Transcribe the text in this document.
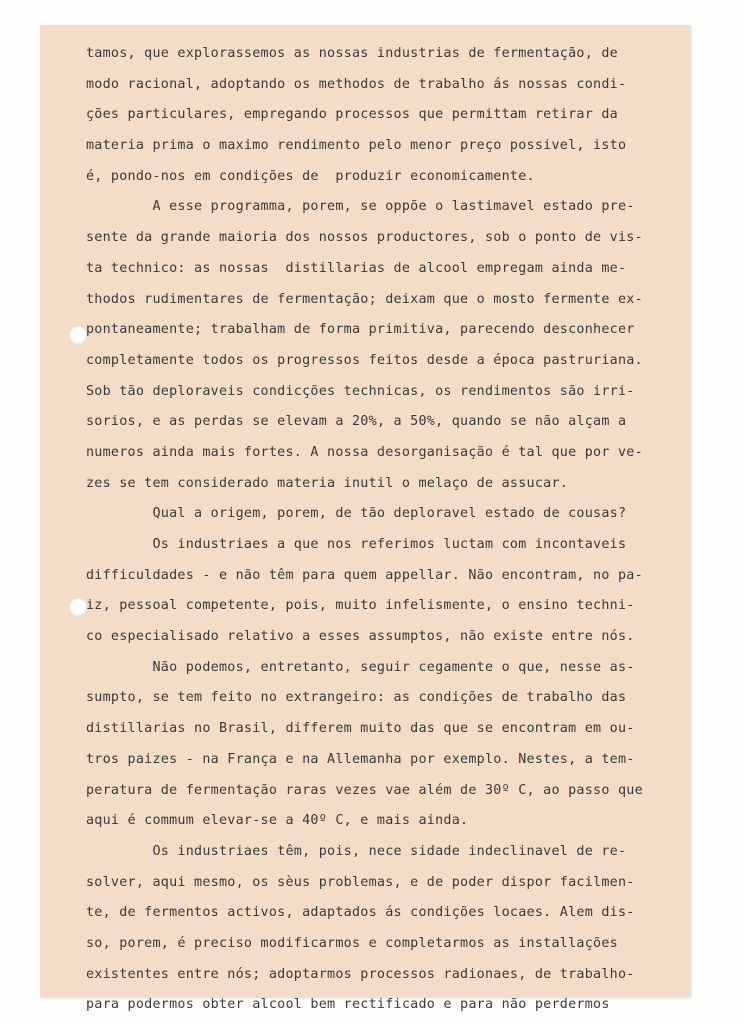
tamos, que explorassemos as nossas industrias de fermentação, de
modo racional, adoptando os methodos de trabalho ás nossas condi-
ções particulares, empregando processos que permittam retirar da
materia prima o maximo rendimento pelo menor preço possivel, isto
é, pondo-nos em condições de  produzir economicamente.
A esse programma, porem, se oppõe o lastimavel estado pre-
sente da grande maioria dos nossos productores, sob o ponto de vis-
ta technico: as nossas  distillarias de alcool empregam ainda me-
thodos rudimentares de fermentação; deixam que o mosto fermente ex-
pontaneamente; trabalham de forma primitiva, parecendo desconhecer
completamente todos os progressos feitos desde a época pastruriana.
Sob tão deploraveis condicções technicas, os rendimentos são irri-
sorios, e as perdas se elevam a 20%, a 50%, quando se não alçam a
numeros ainda mais fortes. A nossa desorganisação é tal que por ve-
zes se tem considerado materia inutil o melaço de assucar.
Qual a origem, porem, de tão deploravel estado de cousas?
Os industriaes a que nos referimos luctam com incontaveis
difficuldades - e não têm para quem appellar. Não encontram, no pa-
iz, pessoal competente, pois, muito infelismente, o ensino techni-
co especialisado relativo a esses assumptos, não existe entre nós.
Não podemos, entretanto, seguir cegamente o que, nesse as-
sumpto, se tem feito no extrangeiro: as condições de trabalho das
distillarias no Brasil, differem muito das que se encontram em ou-
tros paizes - na França e na Allemanha por exemplo. Nestes, a tem-
peratura de fermentação raras vezes vae além de 30º C, ao passo que
aqui é commum elevar-se a 40º C, e mais ainda.
Os industriaes têm, pois, nece sidade indeclinavel de re-
solver, aqui mesmo, os sèus problemas, e de poder dispor facilmen-
te, de fermentos activos, adaptados ás condições locaes. Alem dis-
so, porem, é preciso modificarmos e completarmos as installações
existentes entre nós; adoptarmos processos radionaes, de trabalho-
para podermos obter alcool bem rectificado e para não perdermos
